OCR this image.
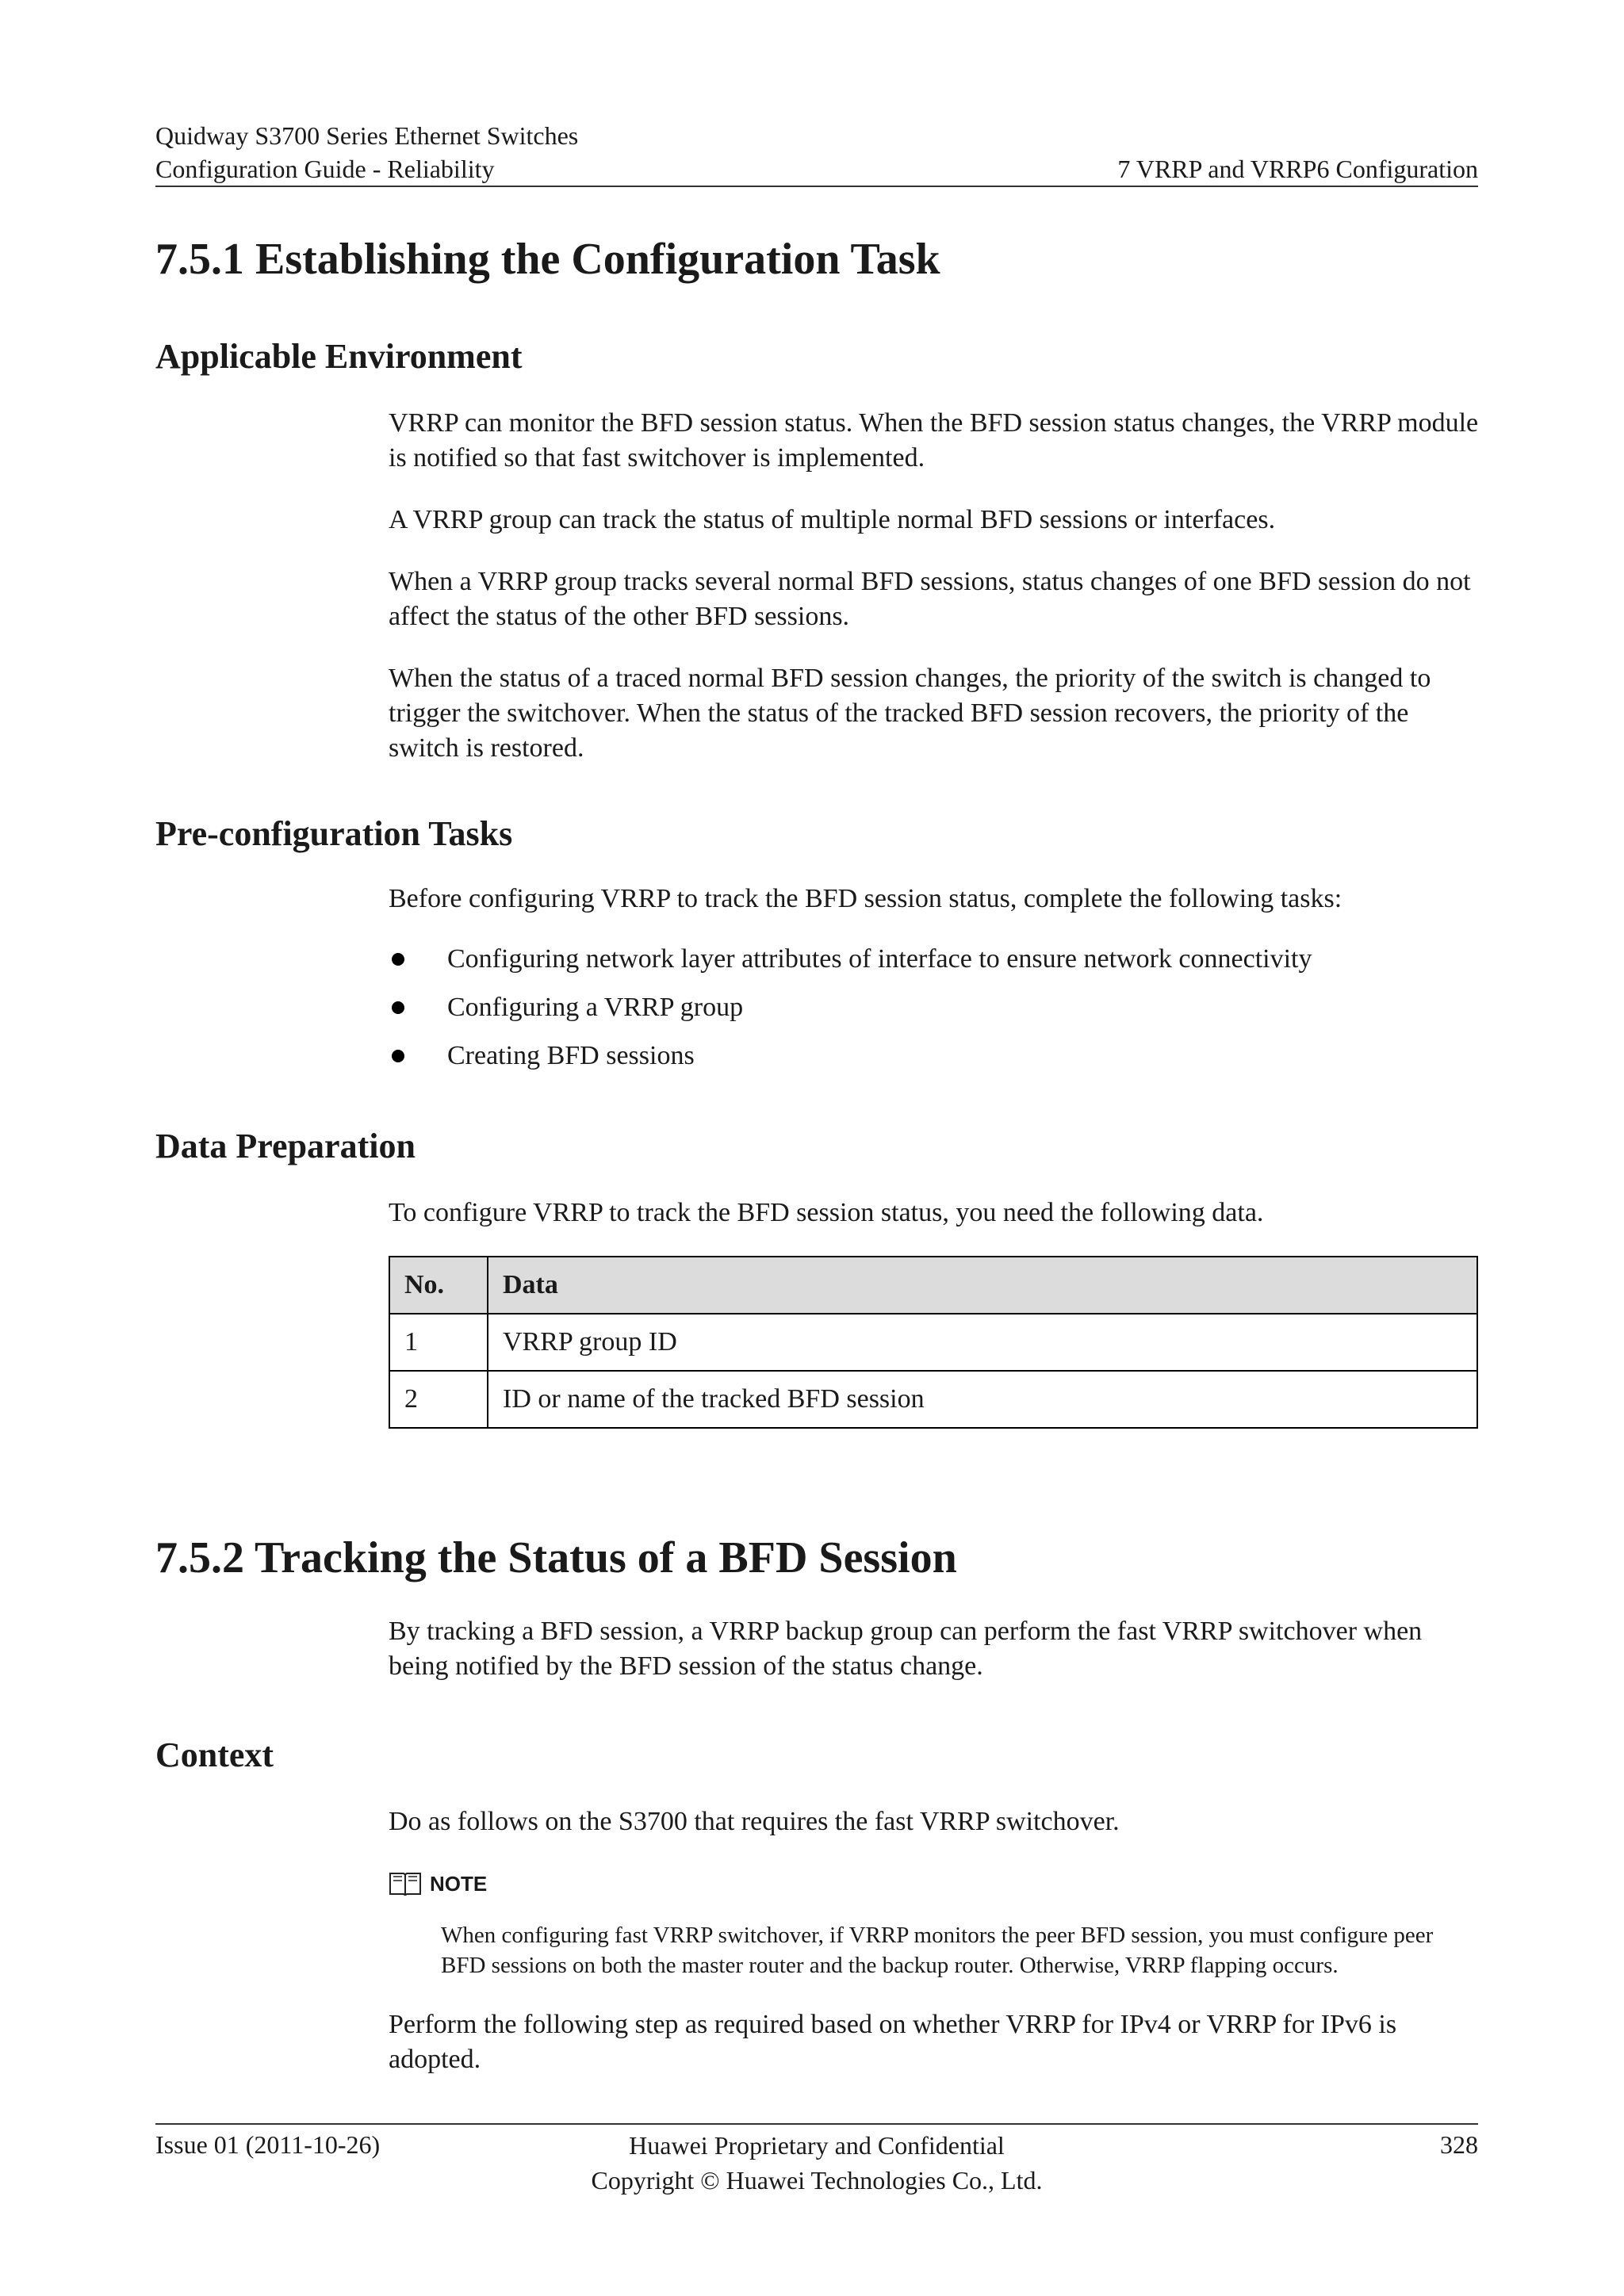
Quidway S3700 Series Ethernet Switches
Configuration Guide - Reliability	7 VRRP and VRRP6 Configuration
7.5.1 Establishing the Configuration Task
Applicable Environment

VRRP can monitor the BFD session status. When the BFD session status changes, the VRRP module is notified so that fast switchover is implemented.

A VRRP group can track the status of multiple normal BFD sessions or interfaces.

When a VRRP group tracks several normal BFD sessions, status changes of one BFD session do not affect the status of the other BFD sessions.

When the status of a traced normal BFD session changes, the priority of the switch is changed to trigger the switchover. When the status of the tracked BFD session recovers, the priority of the switch is restored.

Pre-configuration Tasks

Before configuring VRRP to track the BFD session status, complete the following tasks:

Configuring network layer attributes of interface to ensure network connectivity
Configuring a VRRP group
Creating BFD sessions
Data Preparation

To configure VRRP to track the BFD session status, you need the following data.

No.	Data
1	VRRP group ID
2	ID or name of the tracked BFD session
7.5.2 Tracking the Status of a BFD Session

By tracking a BFD session, a VRRP backup group can perform the fast VRRP switchover when being notified by the BFD session of the status change.

Context

Do as follows on the S3700 that requires the fast VRRP switchover.

NOTE

When configuring fast VRRP switchover, if VRRP monitors the peer BFD session, you must configure peer BFD sessions on both the master router and the backup router. Otherwise, VRRP flapping occurs.

Perform the following step as required based on whether VRRP for IPv4 or VRRP for IPv6 is adopted.

Issue 01 (2011-10-26)	Huawei Proprietary and Confidential
Copyright © Huawei Technologies Co., Ltd.
328
